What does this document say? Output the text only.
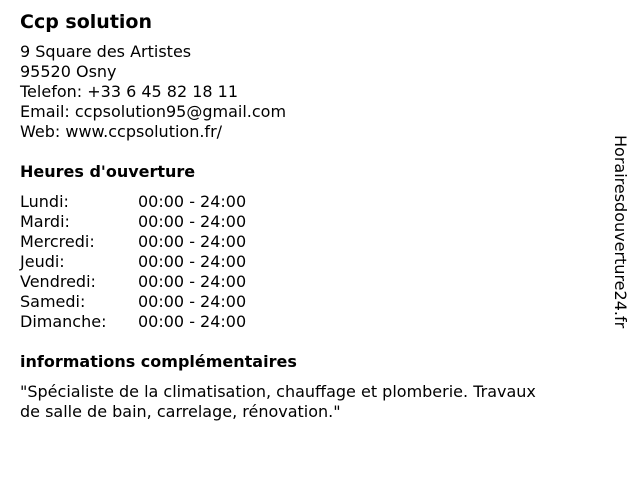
Ccp solution
9 Square des Artistes
95520 Osny
Telefon: +33 6 45 82 18 11
Email: ccpsolution95@gmail.com
Web: www.ccpsolution.fr/
Heures d'ouverture
Lundi:	00:00 - 24:00
Mardi:	00:00 - 24:00
Mercredi:	00:00 - 24:00
Jeudi:	00:00 - 24:00
Vendredi:	00:00 - 24:00
Samedi:	00:00 - 24:00
Dimanche:	00:00 - 24:00
informations complémentaires
"Spécialiste de la climatisation, chauffage et plomberie. Travaux
de salle de bain, carrelage, rénovation."
Horairesdouverture24.fr
